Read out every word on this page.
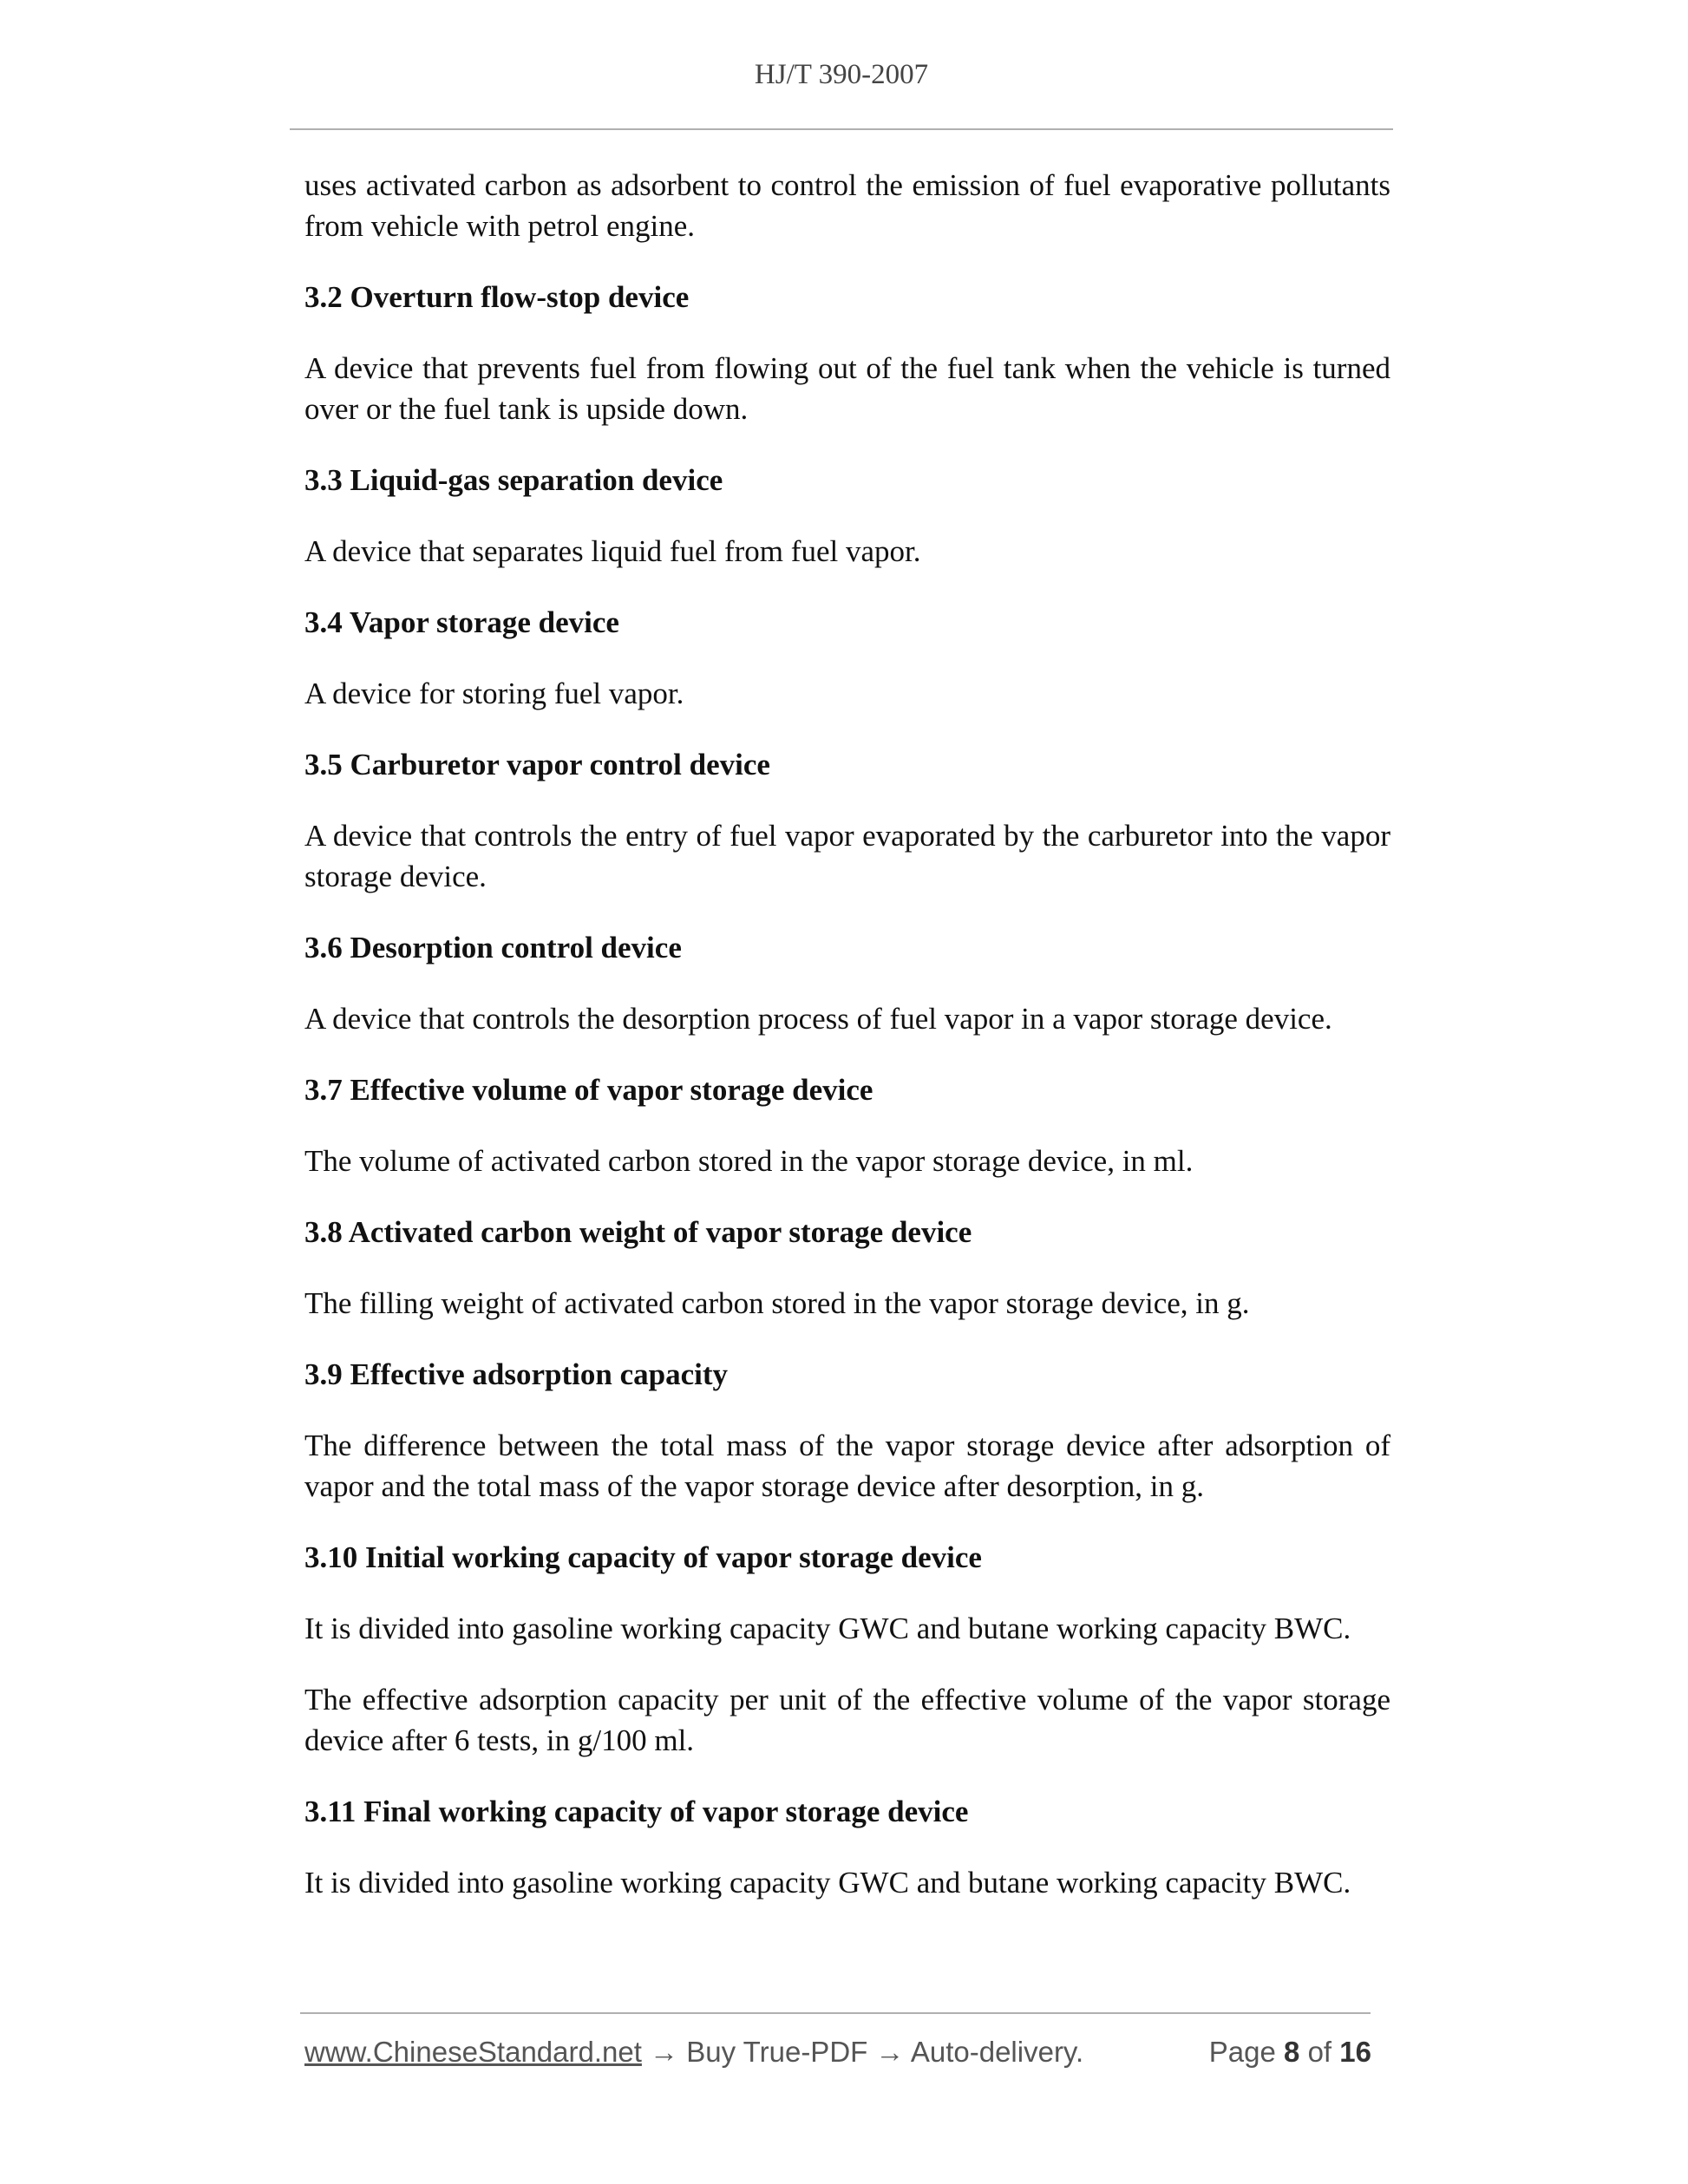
HJ/T 390-2007

uses activated carbon as adsorbent to control the emission of fuel evaporative pollutants from vehicle with petrol engine.

3.2 Overturn flow-stop device

A device that prevents fuel from flowing out of the fuel tank when the vehicle is turned over or the fuel tank is upside down.

3.3 Liquid-gas separation device

A device that separates liquid fuel from fuel vapor.

3.4 Vapor storage device

A device for storing fuel vapor.

3.5 Carburetor vapor control device

A device that controls the entry of fuel vapor evaporated by the carburetor into the vapor storage device.

3.6 Desorption control device

A device that controls the desorption process of fuel vapor in a vapor storage device.

3.7 Effective volume of vapor storage device

The volume of activated carbon stored in the vapor storage device, in ml.

3.8 Activated carbon weight of vapor storage device

The filling weight of activated carbon stored in the vapor storage device, in g.

3.9 Effective adsorption capacity

The difference between the total mass of the vapor storage device after adsorption of vapor and the total mass of the vapor storage device after desorption, in g.

3.10 Initial working capacity of vapor storage device

It is divided into gasoline working capacity GWC and butane working capacity BWC.

The effective adsorption capacity per unit of the effective volume of the vapor storage device after 6 tests, in g/100 ml.

3.11 Final working capacity of vapor storage device

It is divided into gasoline working capacity GWC and butane working capacity BWC.

www.ChineseStandard.net → Buy True-PDF → Auto-delivery.	Page 8 of 16
